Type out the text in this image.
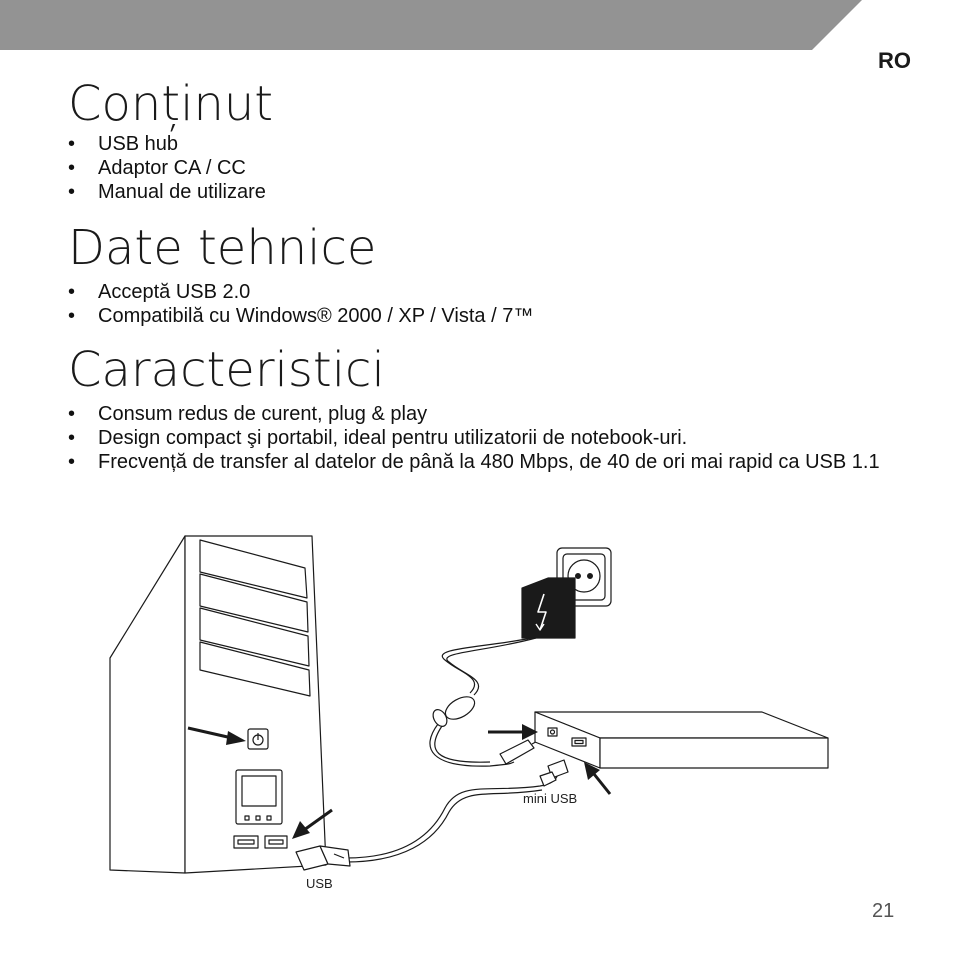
RO
Conținut
• USB hub
• Adaptor CA / CC
• Manual de utilizare
Date tehnice
• Acceptă USB 2.0
• Compatibilă cu Windows® 2000 / XP / Vista / 7™
Caracteristici
• Consum redus de curent, plug & play
• Design compact şi portabil, ideal pentru utilizatorii de notebook-uri.
• Frecvență de transfer al datelor de până la 480 Mbps, de 40 de ori mai rapid ca USB 1.1
mini USB
USB
21
